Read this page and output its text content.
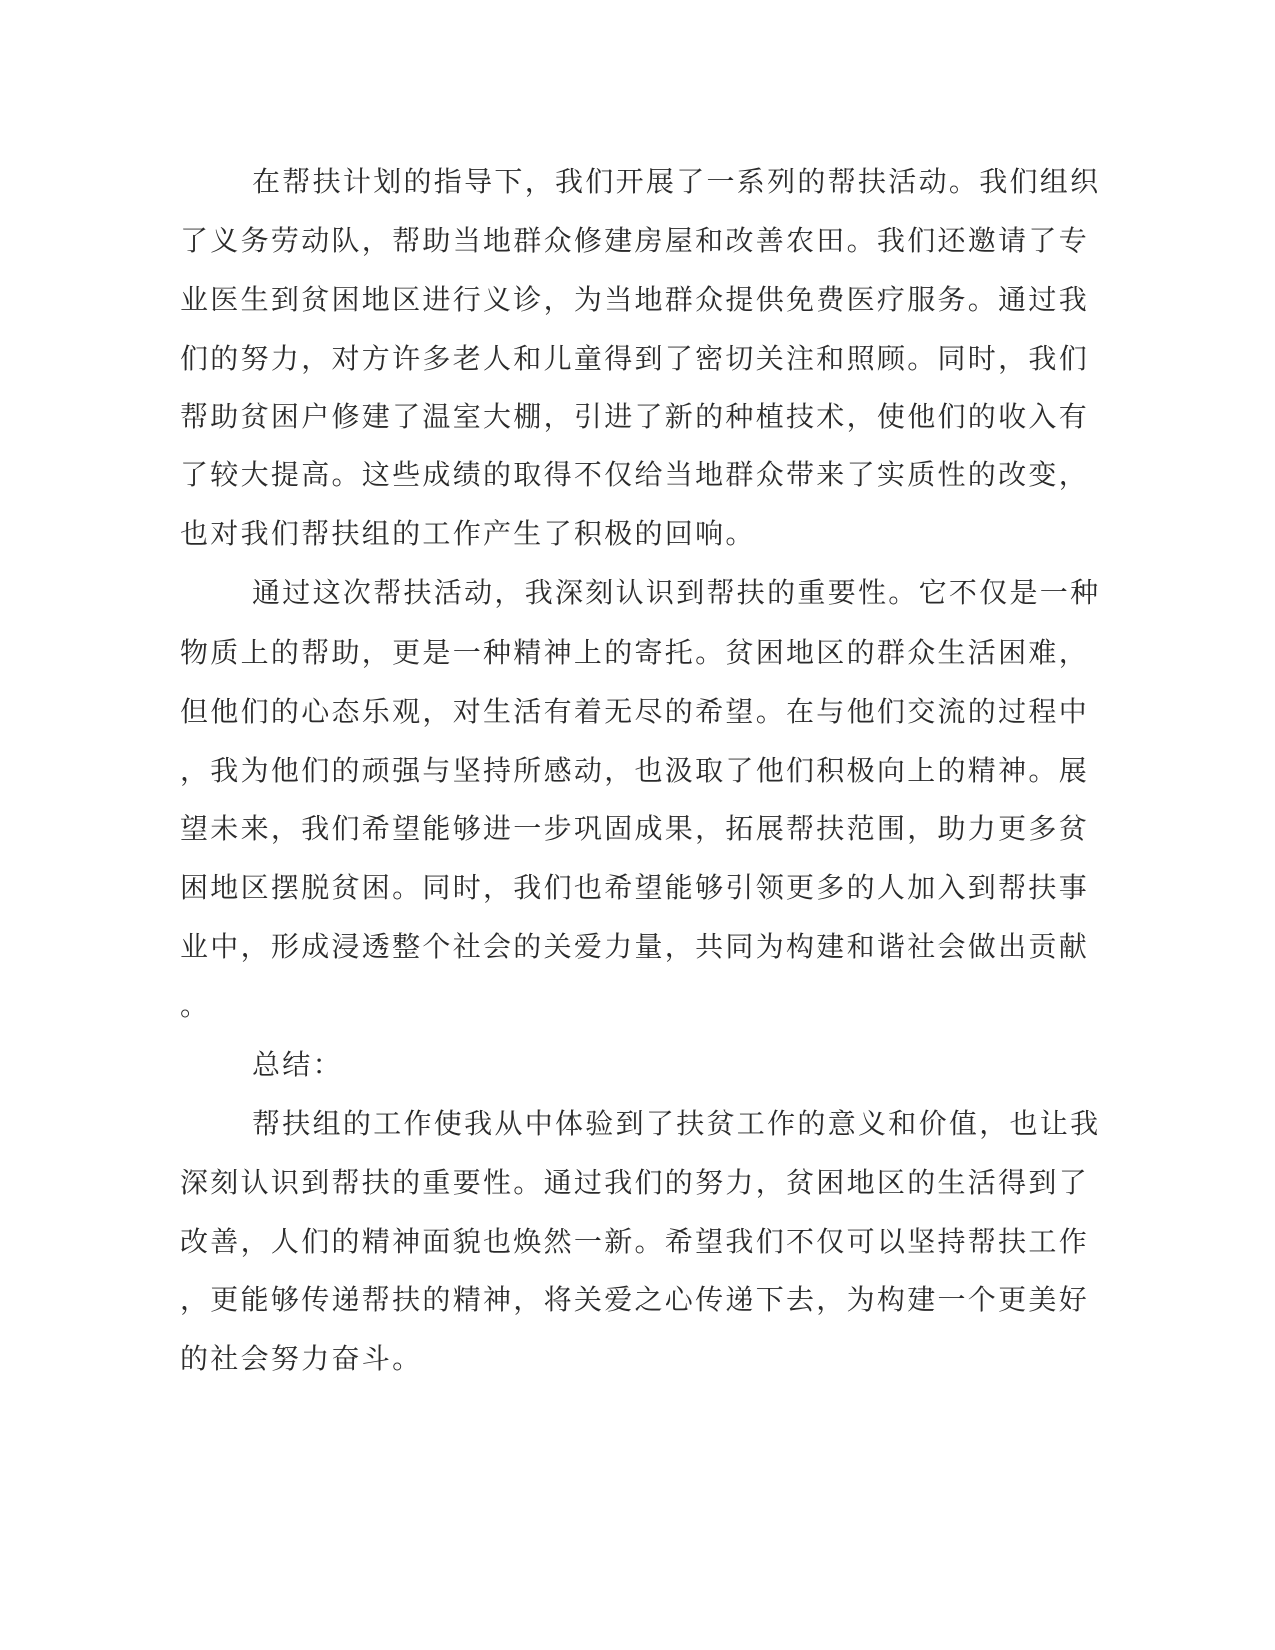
在帮扶计划的指导下，我们开展了一系列的帮扶活动。我们组织
了义务劳动队，帮助当地群众修建房屋和改善农田。我们还邀请了专
业医生到贫困地区进行义诊，为当地群众提供免费医疗服务。通过我
们的努力，对方许多老人和儿童得到了密切关注和照顾。同时，我们
帮助贫困户修建了温室大棚，引进了新的种植技术，使他们的收入有
了较大提高。这些成绩的取得不仅给当地群众带来了实质性的改变，
也对我们帮扶组的工作产生了积极的回响。
通过这次帮扶活动，我深刻认识到帮扶的重要性。它不仅是一种
物质上的帮助，更是一种精神上的寄托。贫困地区的群众生活困难，
但他们的心态乐观，对生活有着无尽的希望。在与他们交流的过程中
，我为他们的顽强与坚持所感动，也汲取了他们积极向上的精神。展
望未来，我们希望能够进一步巩固成果，拓展帮扶范围，助力更多贫
困地区摆脱贫困。同时，我们也希望能够引领更多的人加入到帮扶事
业中，形成浸透整个社会的关爱力量，共同为构建和谐社会做出贡献
。
总结：
帮扶组的工作使我从中体验到了扶贫工作的意义和价值，也让我
深刻认识到帮扶的重要性。通过我们的努力，贫困地区的生活得到了
改善，人们的精神面貌也焕然一新。希望我们不仅可以坚持帮扶工作
，更能够传递帮扶的精神，将关爱之心传递下去，为构建一个更美好
的社会努力奋斗。
